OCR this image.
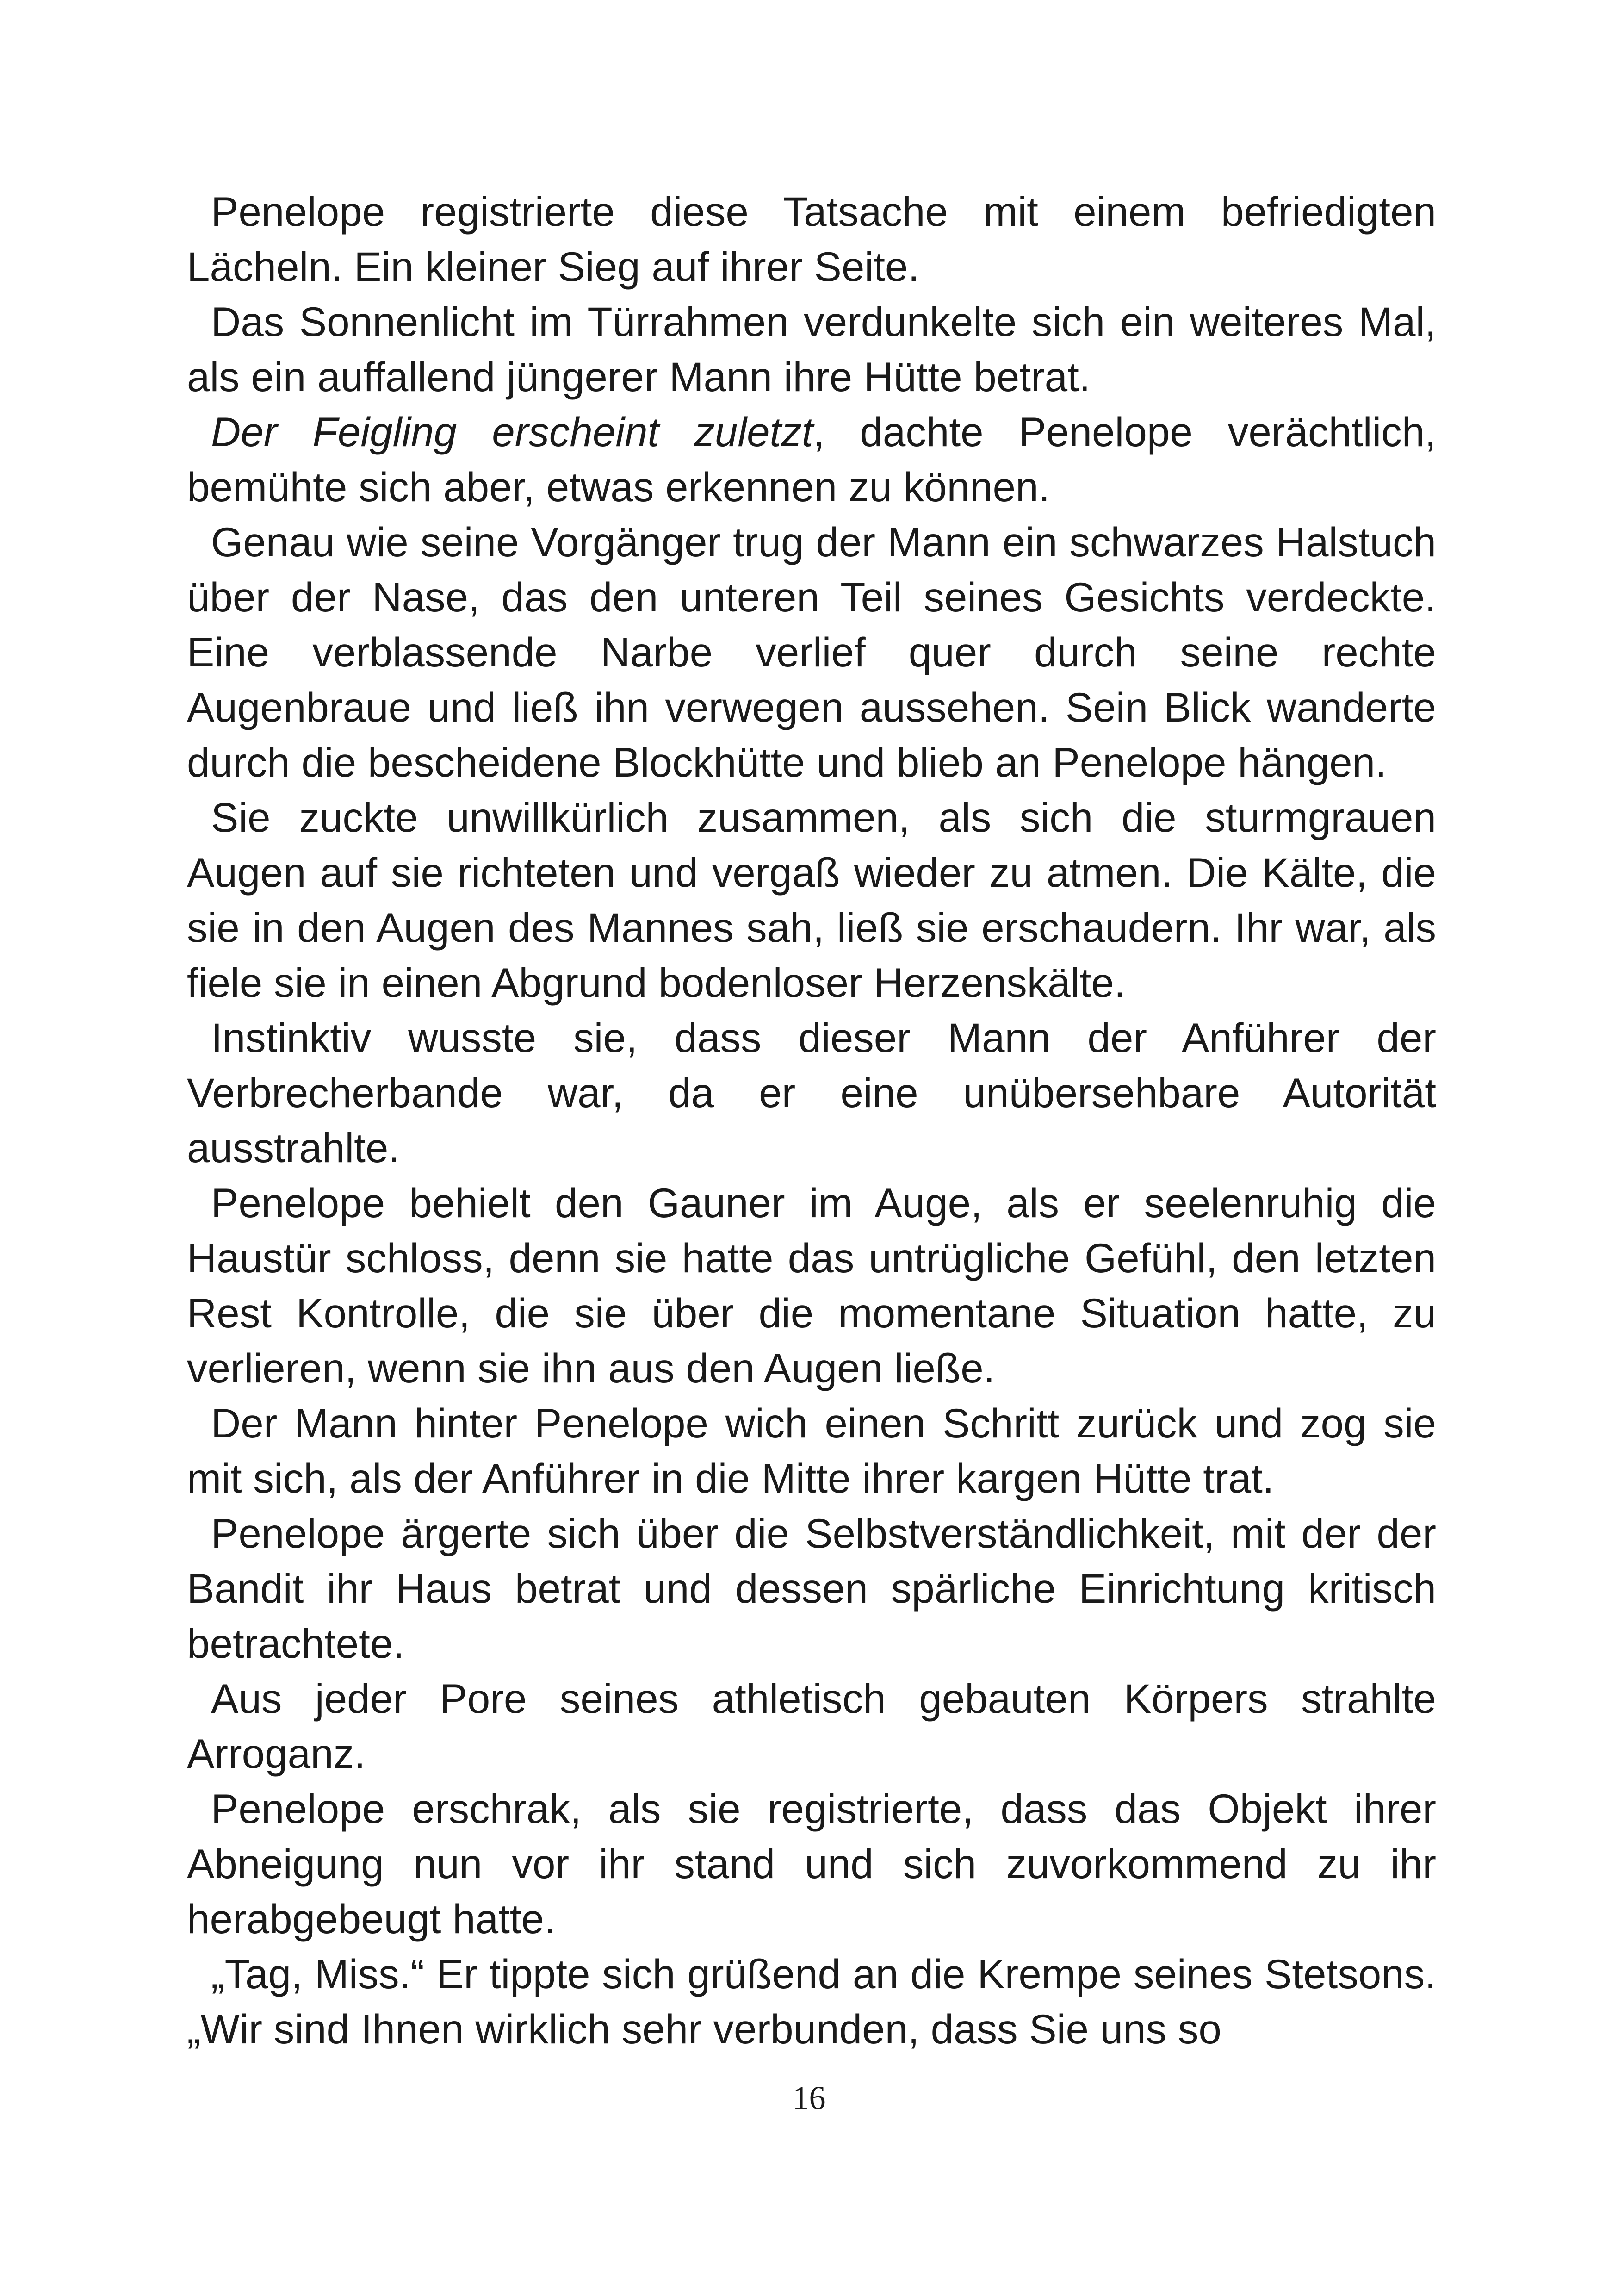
Penelope registrierte diese Tatsache mit einem befriedigten Lächeln. Ein kleiner Sieg auf ihrer Seite.

Das Sonnenlicht im Türrahmen verdunkelte sich ein weiteres Mal, als ein auffallend jüngerer Mann ihre Hütte betrat.

Der Feigling erscheint zuletzt, dachte Penelope verächtlich, bemühte sich aber, etwas erkennen zu können.

Genau wie seine Vorgänger trug der Mann ein schwarzes Halstuch über der Nase, das den unteren Teil seines Gesichts verdeckte. Eine verblassende Narbe verlief quer durch seine rechte Augenbraue und ließ ihn verwegen aussehen. Sein Blick wanderte durch die bescheidene Blockhütte und blieb an Penelope hängen.

Sie zuckte unwillkürlich zusammen, als sich die sturmgrauen Augen auf sie richteten und vergaß wieder zu atmen. Die Kälte, die sie in den Augen des Mannes sah, ließ sie erschaudern. Ihr war, als fiele sie in einen Abgrund bodenloser Herzenskälte.

Instinktiv wusste sie, dass dieser Mann der Anführer der Verbrecherbande war, da er eine unübersehbare Autorität ausstrahlte.

Penelope behielt den Gauner im Auge, als er seelenruhig die Haustür schloss, denn sie hatte das untrügliche Gefühl, den letzten Rest Kontrolle, die sie über die momentane Situation hatte, zu verlieren, wenn sie ihn aus den Augen ließe.

Der Mann hinter Penelope wich einen Schritt zurück und zog sie mit sich, als der Anführer in die Mitte ihrer kargen Hütte trat.

Penelope ärgerte sich über die Selbstverständlichkeit, mit der der Bandit ihr Haus betrat und dessen spärliche Einrichtung kritisch betrachtete.

Aus jeder Pore seines athletisch gebauten Körpers strahlte Arroganz.

Penelope erschrak, als sie registrierte, dass das Objekt ihrer Abneigung nun vor ihr stand und sich zuvorkommend zu ihr herabgebeugt hatte.

„Tag, Miss.“ Er tippte sich grüßend an die Krempe seines Stetsons. „Wir sind Ihnen wirklich sehr verbunden, dass Sie uns so

16
